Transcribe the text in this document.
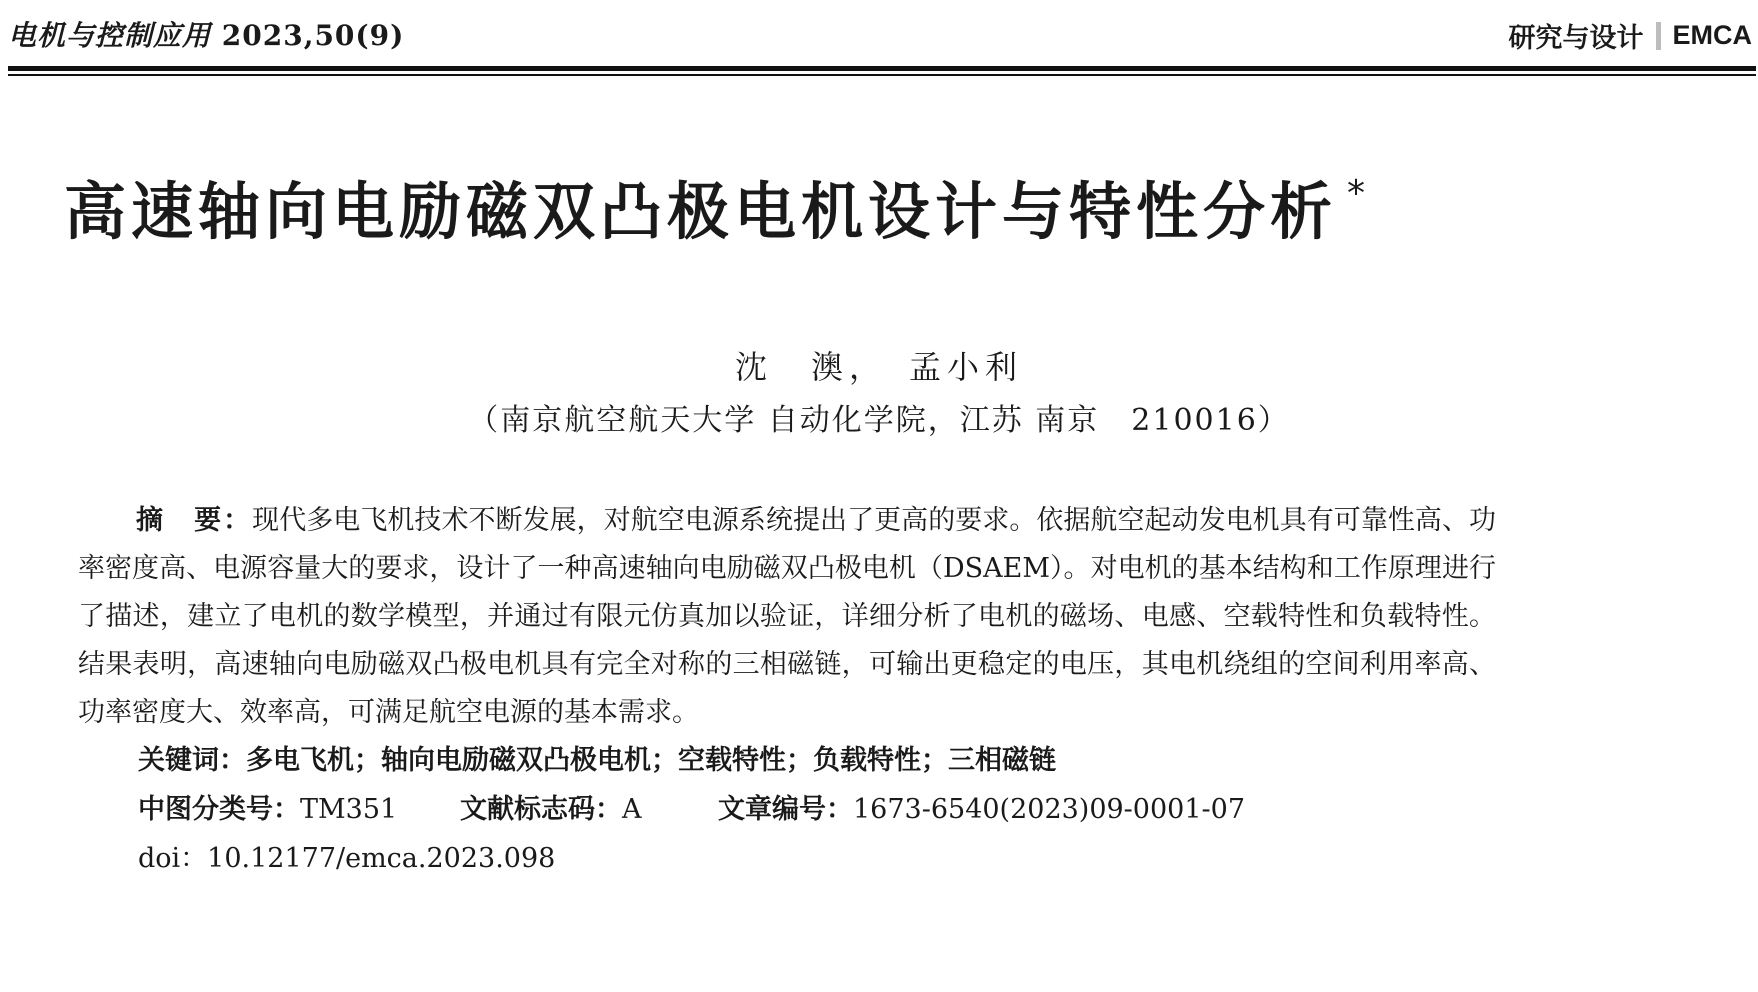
电机与控制应用 2023,50(9)	研究与设计 EMCA
高速轴向电励磁双凸极电机设计与特性分析 *
沈　澳，　孟小利
（南京航空航天大学 自动化学院，江苏 南京　210016）
摘　要：现代多电飞机技术不断发展，对航空电源系统提出了更高的要求。依据航空起动发电机具有可靠性高、功率密度高、电源容量大的要求，设计了一种高速轴向电励磁双凸极电机（DSAEM）。对电机的基本结构和工作原理进行了描述，建立了电机的数学模型，并通过有限元仿真加以验证，详细分析了电机的磁场、电感、空载特性和负载特性。结果表明，高速轴向电励磁双凸极电机具有完全对称的三相磁链，可输出更稳定的电压，其电机绕组的空间利用率高、功率密度大、效率高，可满足航空电源的基本需求。
关键词：多电飞机；轴向电励磁双凸极电机；空载特性；负载特性；三相磁链
中图分类号：TM351 文献标志码：A	文章编号：1673-6540(2023)09-0001-07
doi：10.12177/emca.2023.098
